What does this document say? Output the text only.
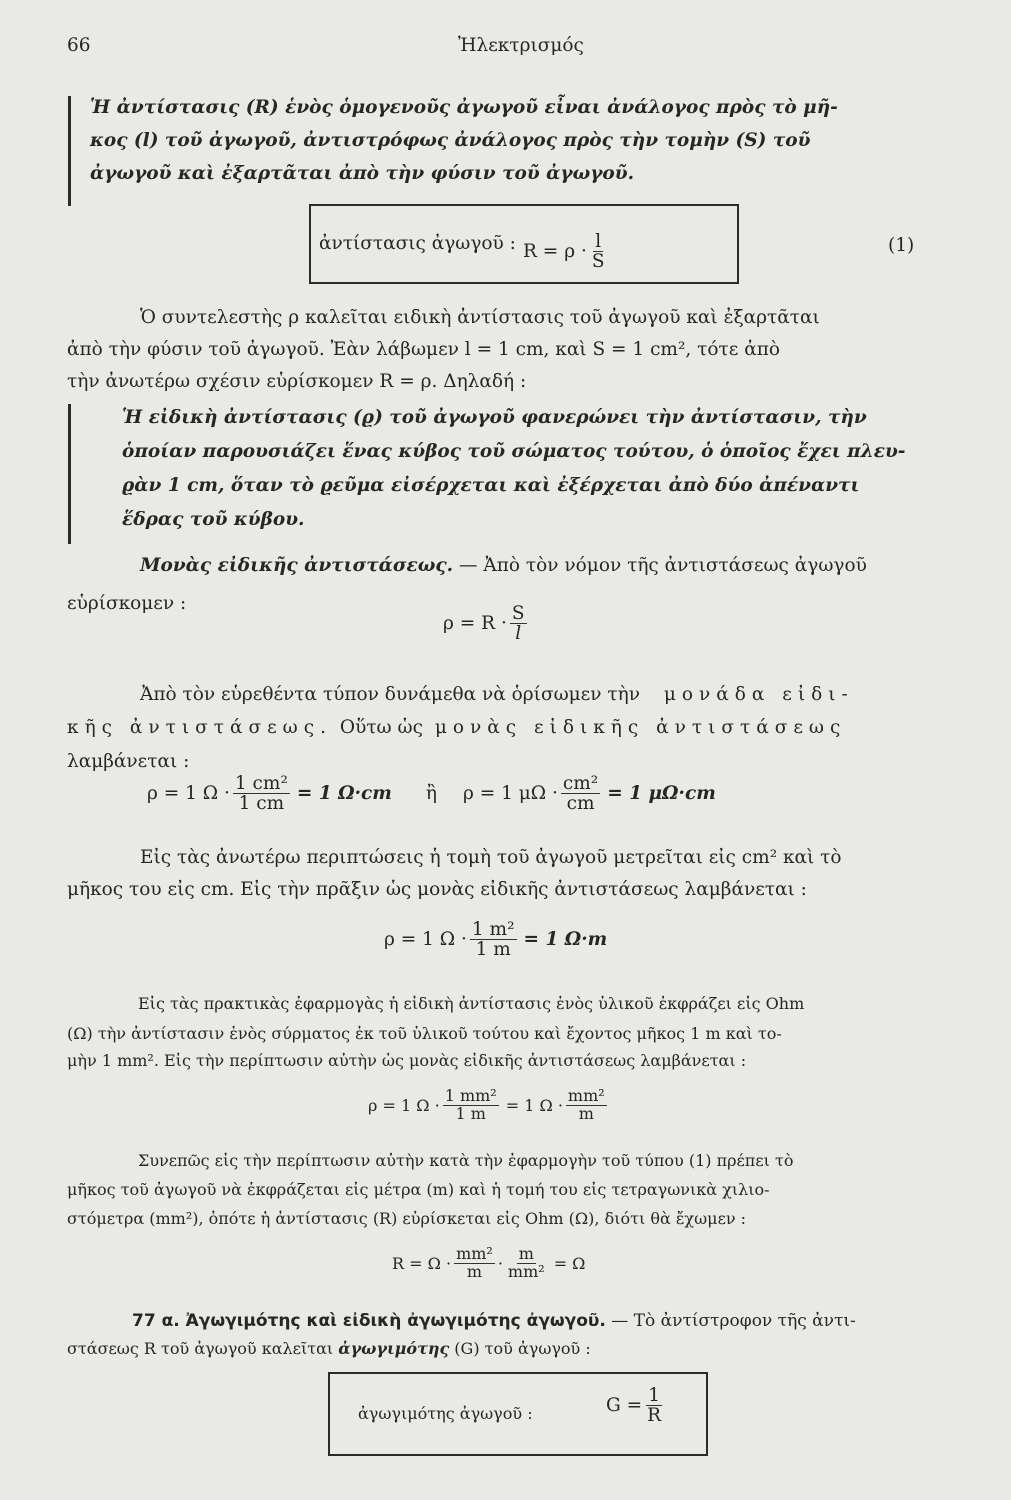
66	Ἠλεκτρισμός
Ἡ ἀντίστασις (R) ἑνὸς ὁμογενοῦς ἀγωγοῦ εἶναι ἀνάλογος πρὸς τὸ μῆ-
κος (l) τοῦ ἀγωγοῦ, ἀντιστρόφως ἀνάλογος πρὸς τὴν τομὴν (S) τοῦ
ἀγωγοῦ καὶ ἐξαρτᾶται ἀπὸ τὴν φύσιν τοῦ ἀγωγοῦ.
ἀντίστασις ἀγωγοῦ : $R = \rho \cdot \frac{l}{S}$	(1)
Ὁ συντελεστὴς ρ καλεῖται ειδικὴ ἀντίστασις τοῦ ἀγωγοῦ καὶ ἐξαρτᾶται
ἀπὸ τὴν φύσιν τοῦ ἀγωγοῦ. Ἐὰν λάβωμεν l = 1 cm, καὶ S = 1 cm², τότε ἀπὸ
τὴν ἀνωτέρω σχέσιν εὑρίσκομεν R = ρ. Δηλαδή :
Ἡ εἰδικὴ ἀντίστασις (ϱ) τοῦ ἀγωγοῦ φανερώνει τὴν ἀντίστασιν, τὴν
ὁποίαν παρουσιάζει ἕνας κύβος τοῦ σώματος τούτου, ὁ ὁποῖος ἔχει πλευ-
ϱὰν 1 cm, ὅταν τὸ ϱεῦμα εἰσέρχεται καὶ ἐξέρχεται ἀπὸ δύο ἀπέναντι
ἕδρας τοῦ κύβου.
Μονὰς εἰδικῆς ἀντιστάσεως. — Ἀπὸ τὸν νόμον τῆς ἀντιστάσεως ἀγωγοῦ
εὑρίσκομεν :
$\rho = R \cdot \frac{S}{l}$
Ἀπὸ τὸν εὑρεθέντα τύπον δυνάμεθα νὰ ὁρίσωμεν τὴν μονάδα εἰδι-
κῆς ἀντιστάσεως. Οὕτω ὡς μονὰς εἰδικῆς ἀντιστάσεως
λαμβάνεται :
ρ = 1 $\Omega \cdot \frac{\text{1 cm²}}{1 cm} = 1$ Ω·cm ἢ ρ = 1 $\mu\Omega \cdot \frac{\text{cm²}}{cm} = 1$ μΩ·cm
Εἰς τὰς ἀνωτέρω περιπτώσεις ἡ τομὴ τοῦ ἀγωγοῦ μετρεῖται εἰς cm² καὶ τὸ
μῆκος του εἰς cm. Εἰς τὴν πρᾶξιν ὡς μονὰς εἰδικῆς ἀντιστάσεως λαμβάνεται :
ρ = 1 $\Omega \cdot \frac{\text{1 m²}}{1 m} = 1$ Ω·m
Εἰς τὰς πρακτικὰς ἐφαρμογὰς ἡ εἰδικὴ ἀντίστασις ἑνὸς ὑλικοῦ ἐκφράζει εἰς Ohm
(Ω) τὴν ἀντίστασιν ἑνὸς σύρματος ἐκ τοῦ ὑλικοῦ τούτου καὶ ἔχοντος μῆκος 1 m καὶ το-
μὴν 1 mm². Εἰς τὴν περίπτωσιν αὐτὴν ὡς μονὰς εἰδικῆς ἀντιστάσεως λαμβάνεται :
ρ = 1 $\Omega \cdot \frac{\text{1 mm²}}{1 m} = 1$ $\Omega \cdot \frac{\text{mm²}}{m}$
Συνεπῶς εἰς τὴν περίπτωσιν αὐτὴν κατὰ τὴν ἐφαρμογὴν τοῦ τύπου (1) πρέπει τὸ
μῆκος τοῦ ἀγωγοῦ νὰ ἐκφράζεται εἰς μέτρα (m) καὶ ἡ τομή του εἰς τετραγωνικὰ χιλιο-
στόμετρα (mm²), ὁπότε ἡ ἀντίστασις (R) εὑρίσκεται εἰς Ohm (Ω), διότι θὰ ἔχωμεν :
$R = \Omega \cdot \frac{\text{mm²}}{m} \cdot \frac{m}{\text{mm²}} = \Omega$
77 α. Ἀγωγιμότης καὶ εἰδικὴ ἀγωγιμότης ἀγωγοῦ. — Τὸ ἀντίστροφον τῆς ἀντι-
στάσεως R τοῦ ἀγωγοῦ καλεῖται ἀγωγιμότης (G) τοῦ ἀγωγοῦ :
ἀγωγιμότης ἀγωγοῦ :	$G = \frac{1}{R}$
